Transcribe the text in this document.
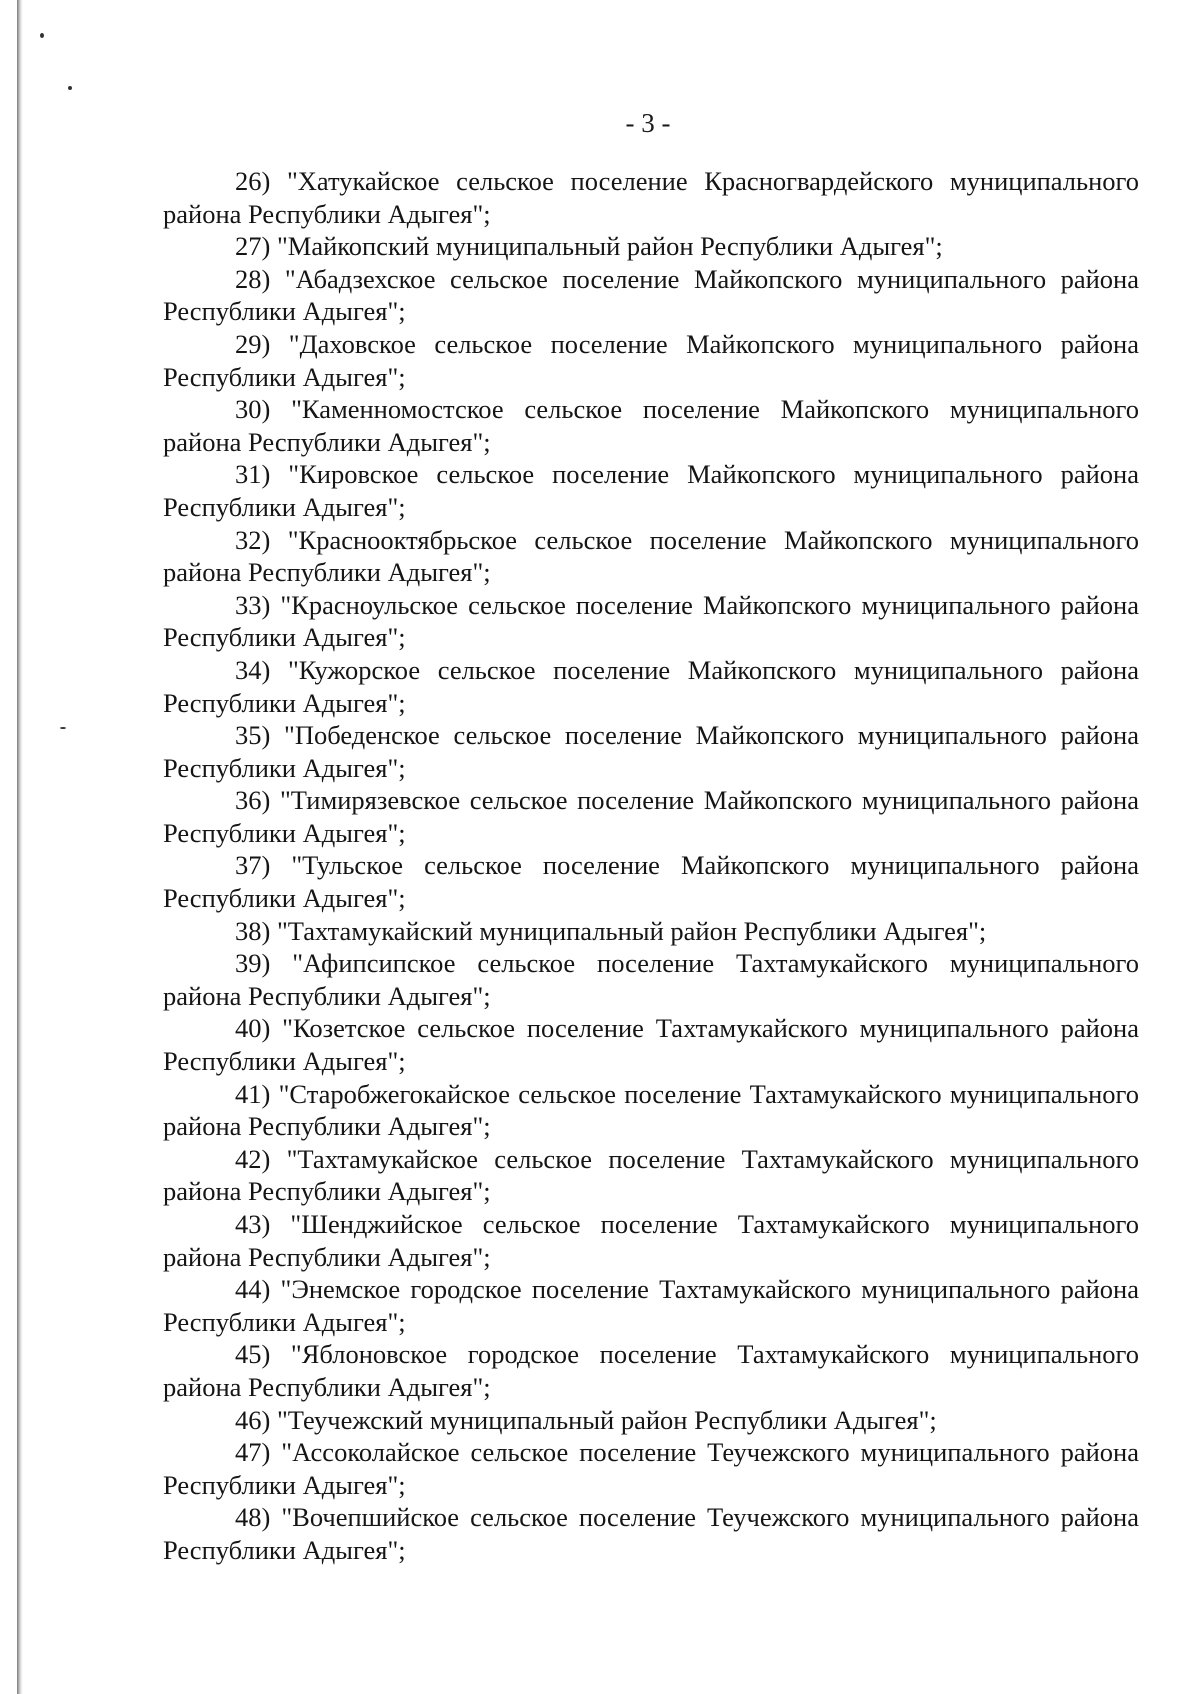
- 3 -

26) "Хатукайское сельское поселение Красногвардейского муниципального района Республики Адыгея";

27) "Майкопский муниципальный район Республики Адыгея";

28) "Абадзехское сельское поселение Майкопского муниципального района Республики Адыгея";

29) "Даховское сельское поселение Майкопского муниципального района Республики Адыгея";

30) "Каменномостское сельское поселение Майкопского муниципального района Республики Адыгея";

31) "Кировское сельское поселение Майкопского муниципального района Республики Адыгея";

32) "Краснооктябрьское сельское поселение Майкопского муниципального района Республики Адыгея";

33) "Красноульское сельское поселение Майкопского муниципального района Республики Адыгея";

34) "Кужорское сельское поселение Майкопского муниципального района Республики Адыгея";

35) "Победенское сельское поселение Майкопского муниципального района Республики Адыгея";

36) "Тимирязевское сельское поселение Майкопского муниципального района Республики Адыгея";

37) "Тульское сельское поселение Майкопского муниципального района Республики Адыгея";

38) "Тахтамукайский муниципальный район Республики Адыгея";

39) "Афипсипское сельское поселение Тахтамукайского муниципального района Республики Адыгея";

40) "Козетское сельское поселение Тахтамукайского муниципального района Республики Адыгея";

41) "Старобжегокайское сельское поселение Тахтамукайского муниципального района Республики Адыгея";

42) "Тахтамукайское сельское поселение Тахтамукайского муниципального района Республики Адыгея";

43) "Шенджийское сельское поселение Тахтамукайского муниципального района Республики Адыгея";

44) "Энемское городское поселение Тахтамукайского муниципального района Республики Адыгея";

45) "Яблоновское городское поселение Тахтамукайского муниципального района Республики Адыгея";

46) "Теучежский муниципальный район Республики Адыгея";

47) "Ассоколайское сельское поселение Теучежского муниципального района Республики Адыгея";

48) "Вочепшийское сельское поселение Теучежского муниципального района Республики Адыгея";
